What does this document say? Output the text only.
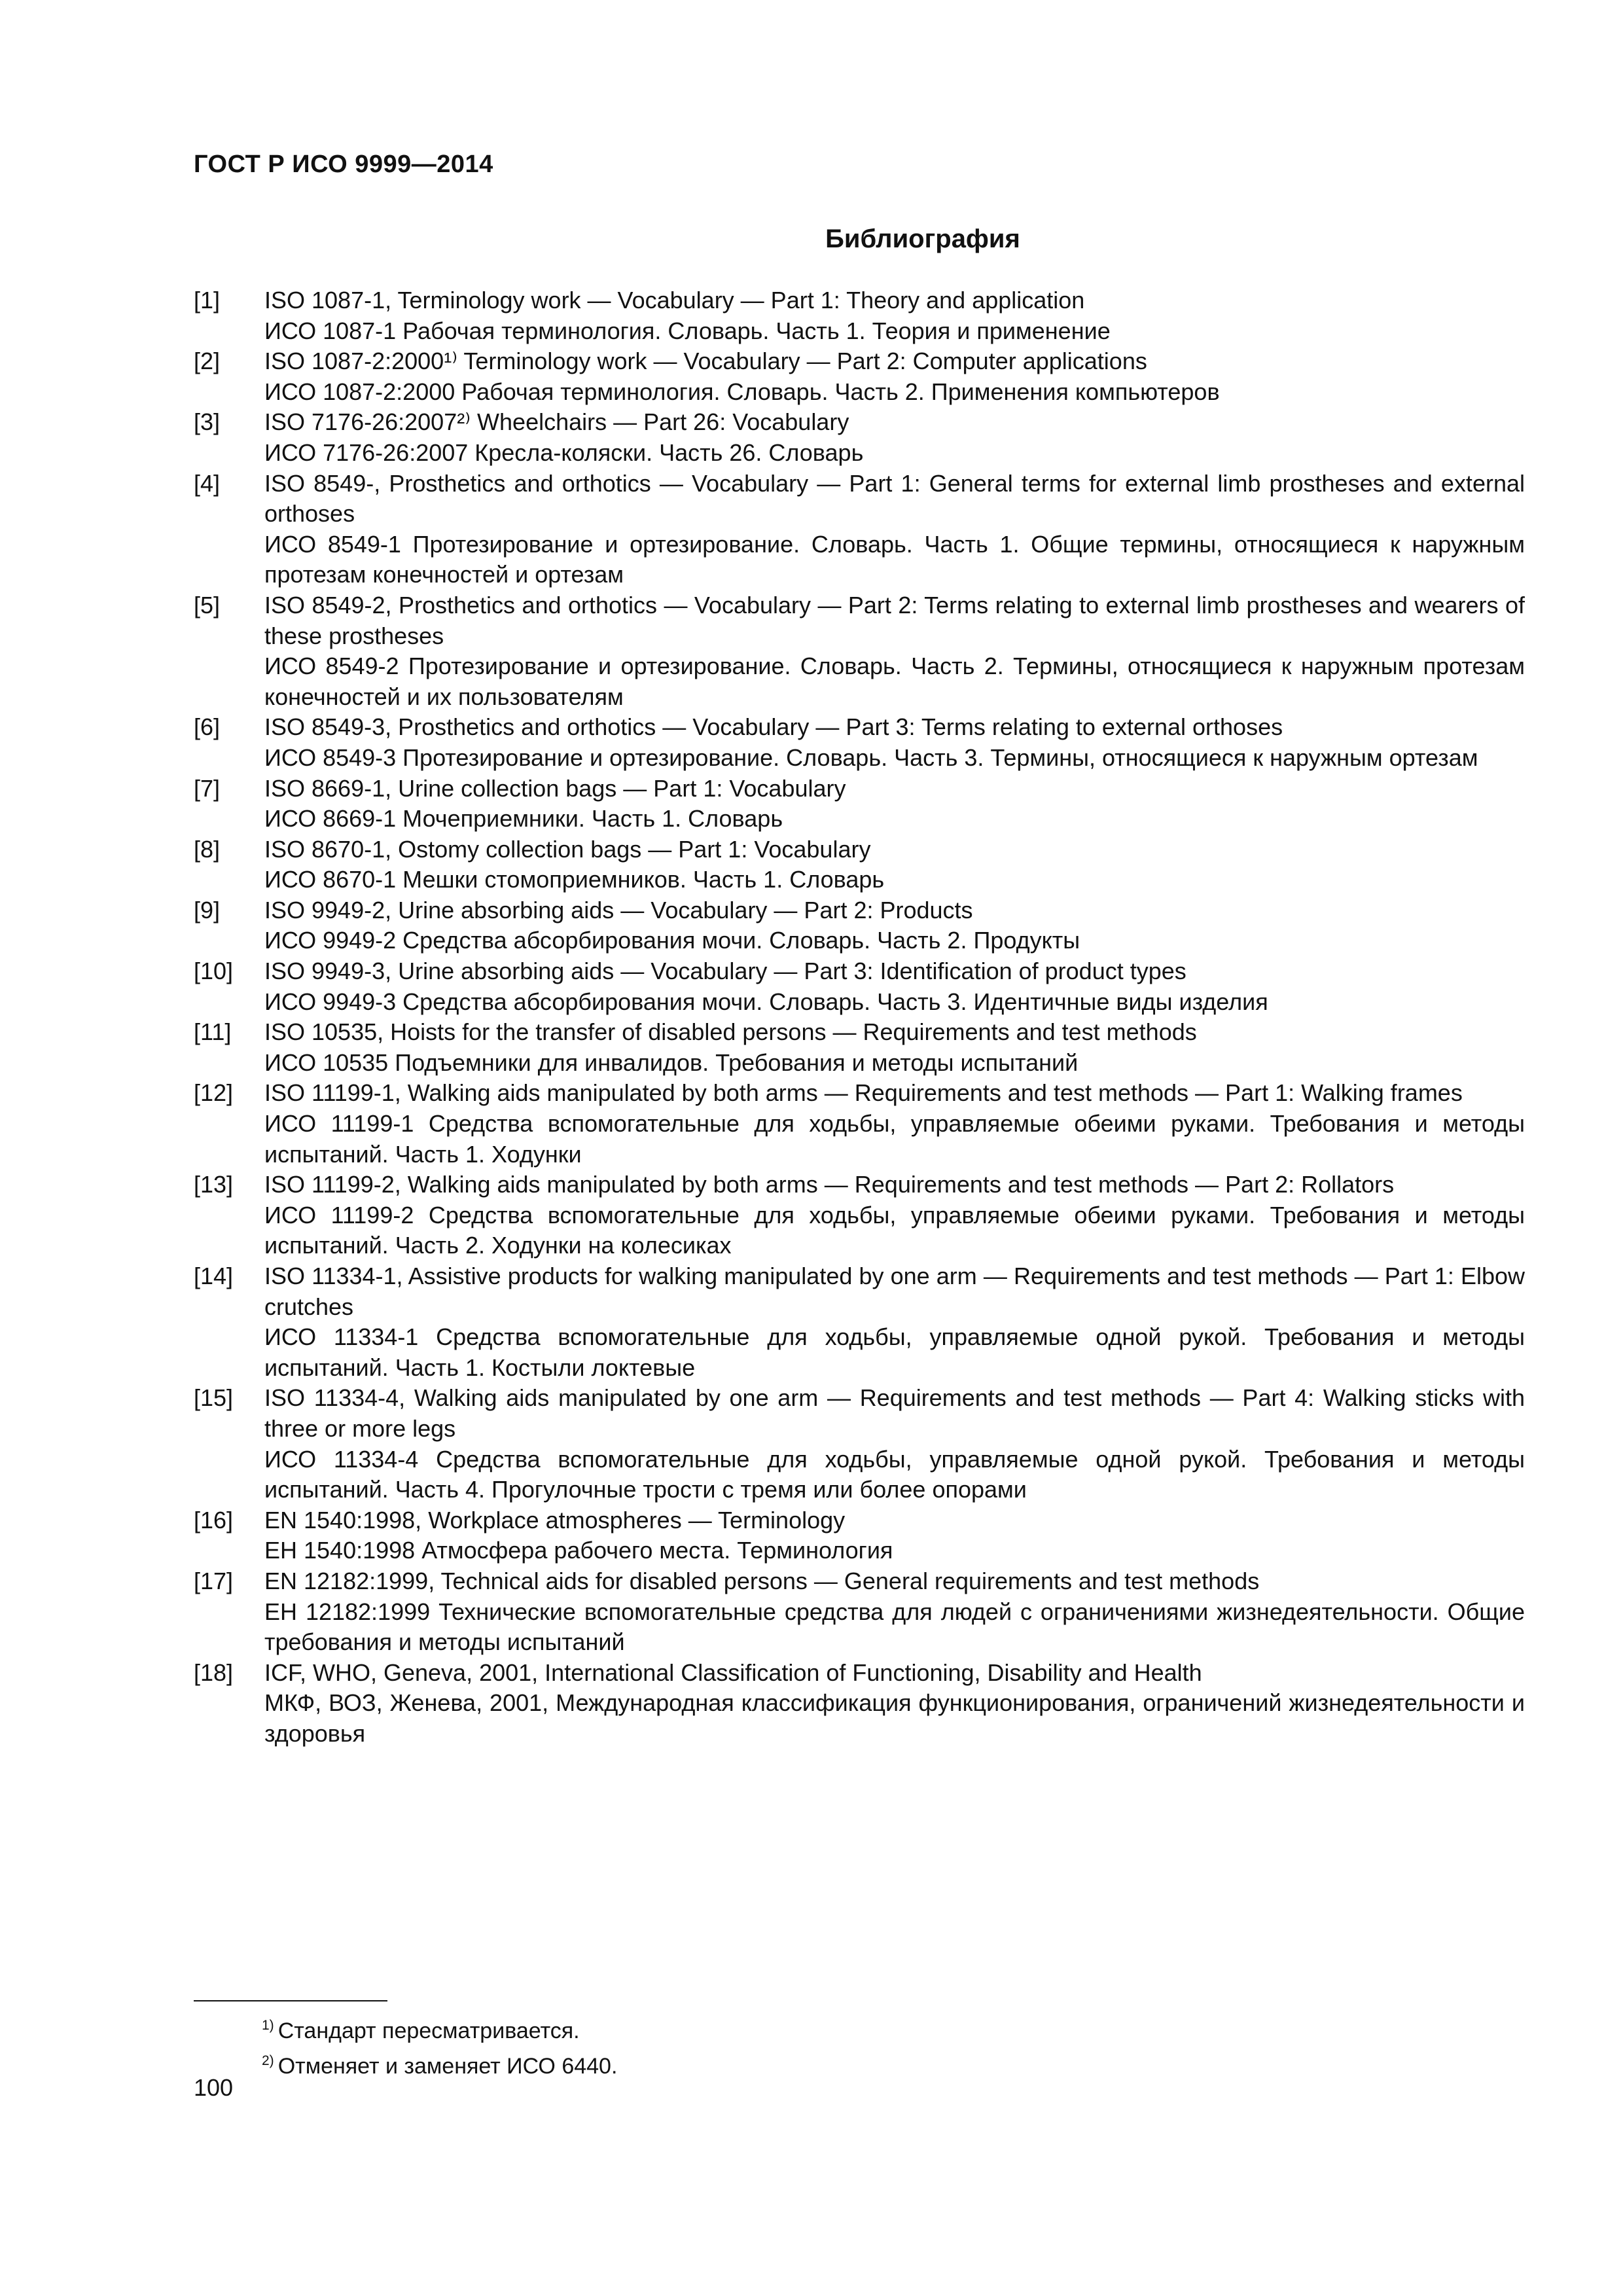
ГОСТ Р ИСО 9999—2014
Библиография
[1] ISO 1087-1, Terminology work — Vocabulary — Part 1: Theory and application
ИСО 1087-1 Рабочая терминология. Словарь. Часть 1. Теория и применение
[2] ISO 1087-2:2000¹⁾ Terminology work — Vocabulary — Part 2: Computer applications
ИСО 1087-2:2000 Рабочая терминология. Словарь. Часть 2. Применения компьютеров
[3] ISO 7176-26:2007²⁾ Wheelchairs — Part 26: Vocabulary
ИСО 7176-26:2007 Кресла-коляски. Часть 26. Словарь
[4] ISO 8549-, Prosthetics and orthotics — Vocabulary — Part 1: General terms for external limb prostheses and external orthoses
ИСО 8549-1 Протезирование и ортезирование. Словарь. Часть 1. Общие термины, относящиеся к наружным протезам конечностей и ортезам
[5] ISO 8549-2, Prosthetics and orthotics — Vocabulary — Part 2: Terms relating to external limb prostheses and wearers of these prostheses
ИСО 8549-2 Протезирование и ортезирование. Словарь. Часть 2. Термины, относящиеся к наружным протезам конечностей и их пользователям
[6] ISO 8549-3, Prosthetics and orthotics — Vocabulary — Part 3: Terms relating to external orthoses
ИСО 8549-3 Протезирование и ортезирование. Словарь. Часть 3. Термины, относящиеся к наружным ортезам
[7] ISO 8669-1, Urine collection bags — Part 1: Vocabulary
ИСО 8669-1 Мочеприемники. Часть 1. Словарь
[8] ISO 8670-1, Ostomy collection bags — Part 1: Vocabulary
ИСО 8670-1 Мешки стомоприемников. Часть 1. Словарь
[9] ISO 9949-2, Urine absorbing aids — Vocabulary — Part 2: Products
ИСО 9949-2 Средства абсорбирования мочи. Словарь. Часть 2. Продукты
[10] ISO 9949-3, Urine absorbing aids — Vocabulary — Part 3: Identification of product types
ИСО 9949-3 Средства абсорбирования мочи. Словарь. Часть 3. Идентичные виды изделия
[11] ISO 10535, Hoists for the transfer of disabled persons — Requirements and test methods
ИСО 10535 Подъемники для инвалидов. Требования и методы испытаний
[12] ISO 11199-1, Walking aids manipulated by both arms — Requirements and test methods — Part 1: Walking frames
ИСО 11199-1 Средства вспомогательные для ходьбы, управляемые обеими руками. Требования и методы испытаний. Часть 1. Ходунки
[13] ISO 11199-2, Walking aids manipulated by both arms — Requirements and test methods — Part 2: Rollators
ИСО 11199-2 Средства вспомогательные для ходьбы, управляемые обеими руками. Требования и методы испытаний. Часть 2. Ходунки на колесиках
[14] ISO 11334-1, Assistive products for walking manipulated by one arm — Requirements and test methods — Part 1: Elbow crutches
ИСО 11334-1 Средства вспомогательные для ходьбы, управляемые одной рукой. Требования и методы испытаний. Часть 1. Костыли локтевые
[15] ISO 11334-4, Walking aids manipulated by one arm — Requirements and test methods — Part 4: Walking sticks with three or more legs
ИСО 11334-4 Средства вспомогательные для ходьбы, управляемые одной рукой. Требования и методы испытаний. Часть 4. Прогулочные трости с тремя или более опорами
[16] EN 1540:1998, Workplace atmospheres — Terminology
ЕН 1540:1998 Атмосфера рабочего места. Терминология
[17] EN 12182:1999, Technical aids for disabled persons — General requirements and test methods
ЕН 12182:1999 Технические вспомогательные средства для людей с ограничениями жизнедеятельности. Общие требования и методы испытаний
[18] ICF, WHO, Geneva, 2001, International Classification of Functioning, Disability and Health
МКФ, ВОЗ, Женева, 2001, Международная классификация функционирования, ограничений жизнедеятельности и здоровья
$^{1)}$ Стандарт пересматривается.
$^{2)}$ Отменяет и заменяет ИСО 6440.
100
